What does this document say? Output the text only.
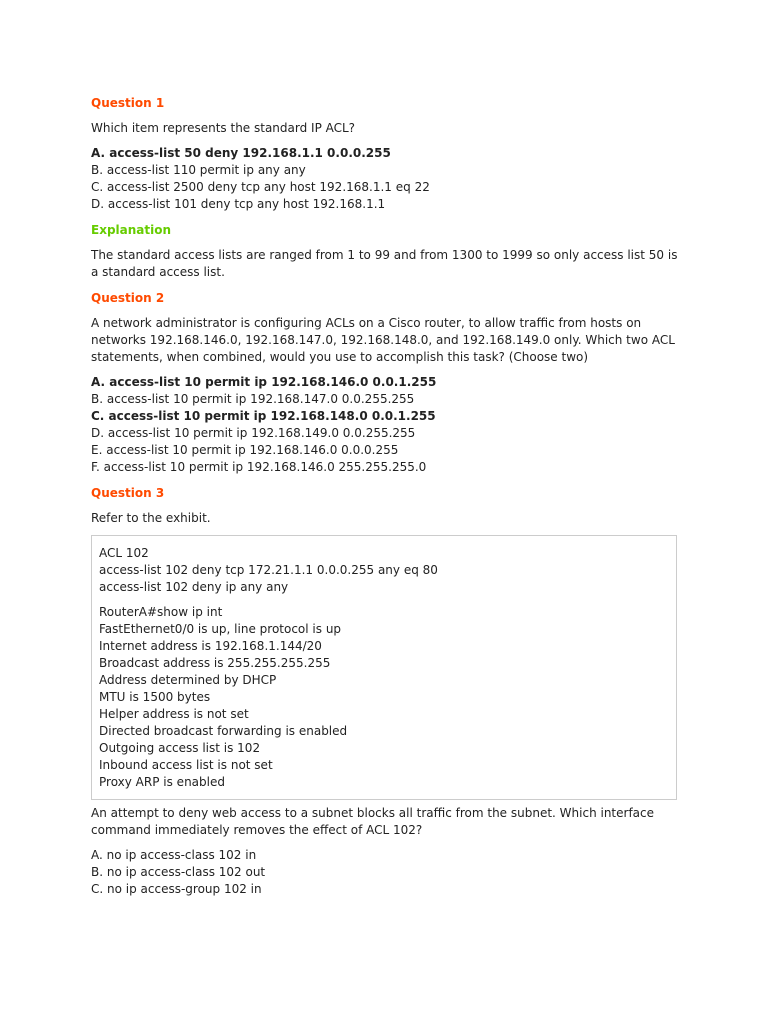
Question 1
Which item represents the standard IP ACL?
A. access-list 50 deny 192.168.1.1 0.0.0.255
B. access-list 110 permit ip any any
C. access-list 2500 deny tcp any host 192.168.1.1 eq 22
D. access-list 101 deny tcp any host 192.168.1.1
Explanation
The standard access lists are ranged from 1 to 99 and from 1300 to 1999 so only access list 50 is a standard access list.
Question 2
A network administrator is configuring ACLs on a Cisco router, to allow traffic from hosts on networks 192.168.146.0, 192.168.147.0, 192.168.148.0, and 192.168.149.0 only. Which two ACL statements, when combined, would you use to accomplish this task? (Choose two)
A. access-list 10 permit ip 192.168.146.0 0.0.1.255
B. access-list 10 permit ip 192.168.147.0 0.0.255.255
C. access-list 10 permit ip 192.168.148.0 0.0.1.255
D. access-list 10 permit ip 192.168.149.0 0.0.255.255
E. access-list 10 permit ip 192.168.146.0 0.0.0.255
F. access-list 10 permit ip 192.168.146.0 255.255.255.0
Question 3
Refer to the exhibit.
ACL 102
access-list 102 deny tcp 172.21.1.1 0.0.0.255 any eq 80
access-list 102 deny ip any any
RouterA#show ip int
FastEthernet0/0 is up, line protocol is up
Internet address is 192.168.1.144/20
Broadcast address is 255.255.255.255
Address determined by DHCP
MTU is 1500 bytes
Helper address is not set
Directed broadcast forwarding is enabled
Outgoing access list is 102
Inbound access list is not set
Proxy ARP is enabled
An attempt to deny web access to a subnet blocks all traffic from the subnet. Which interface command immediately removes the effect of ACL 102?
A. no ip access-class 102 in
B. no ip access-class 102 out
C. no ip access-group 102 in
